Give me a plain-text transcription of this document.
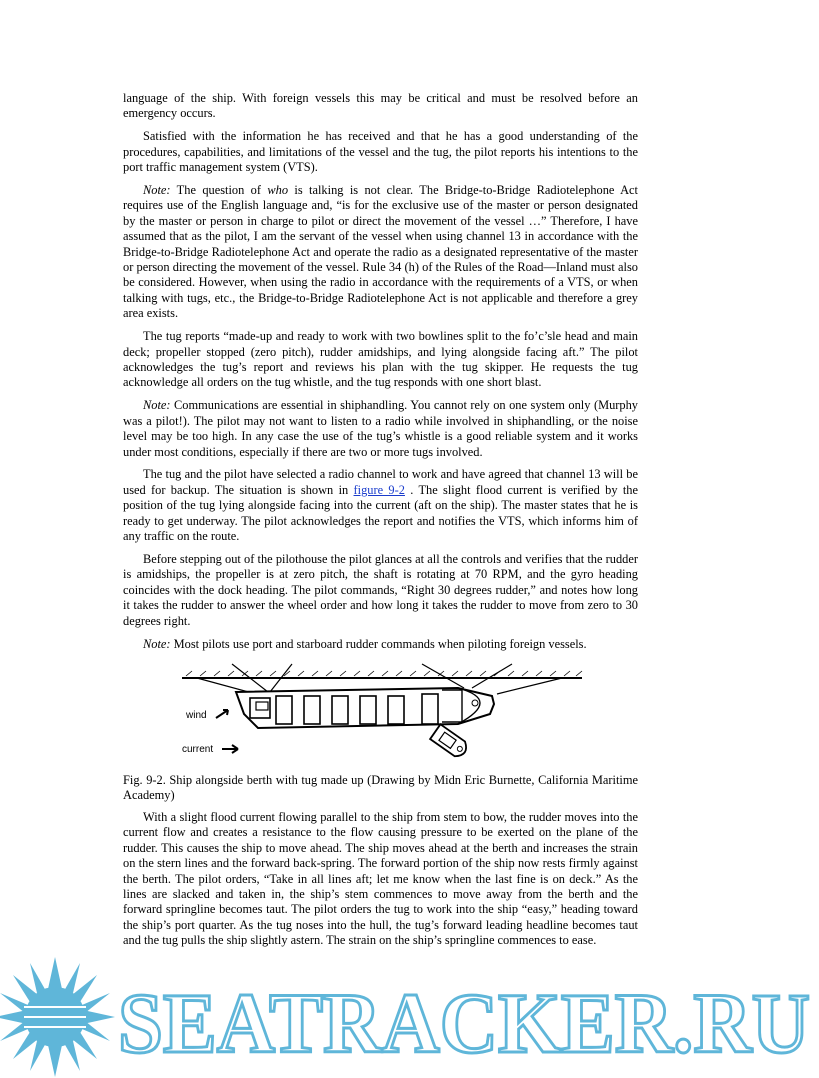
language of the ship. With foreign vessels this may be critical and must be resolved before an emergency occurs.

Satisfied with the information he has received and that he has a good understanding of the procedures, capabilities, and limitations of the vessel and the tug, the pilot reports his intentions to the port traffic management system (VTS).

Note: The question of who is talking is not clear. The Bridge-to-Bridge Radiotelephone Act requires use of the English language and, “is for the exclusive use of the master or person designated by the master or person in charge to pilot or direct the movement of the vessel …” Therefore, I have assumed that as the pilot, I am the servant of the vessel when using channel 13 in accordance with the Bridge-to-Bridge Radiotelephone Act and operate the radio as a designated representative of the master or person directing the movement of the vessel. Rule 34 (h) of the Rules of the Road—Inland must also be considered. However, when using the radio in accordance with the requirements of a VTS, or when talking with tugs, etc., the Bridge-to-Bridge Radiotelephone Act is not applicable and therefore a grey area exists.

The tug reports “made-up and ready to work with two bowlines split to the fo’c’sle head and main deck; propeller stopped (zero pitch), rudder amidships, and lying alongside facing aft.” The pilot acknowledges the tug’s report and reviews his plan with the tug skipper. He requests the tug acknowledge all orders on the tug whistle, and the tug responds with one short blast.

Note: Communications are essential in shiphandling. You cannot rely on one system only (Murphy was a pilot!). The pilot may not want to listen to a radio while involved in shiphandling, or the noise level may be too high. In any case the use of the tug’s whistle is a good reliable system and it works under most conditions, especially if there are two or more tugs involved.

The tug and the pilot have selected a radio channel to work and have agreed that channel 13 will be used for backup. The situation is shown in figure 9-2 . The slight flood current is verified by the position of the tug lying alongside facing into the current (aft on the ship). The master states that he is ready to get underway. The pilot acknowledges the report and notifies the VTS, which informs him of any traffic on the route.

Before stepping out of the pilothouse the pilot glances at all the controls and verifies that the rudder is amidships, the propeller is at zero pitch, the shaft is rotating at 70 RPM, and the gyro heading coincides with the dock heading. The pilot commands, “Right 30 degrees rudder,” and notes how long it takes the rudder to answer the wheel order and how long it takes the rudder to move from zero to 30 degrees right.

Note: Most pilots use port and starboard rudder commands when piloting foreign vessels.

wind
current
Fig. 9-2. Ship alongside berth with tug made up (Drawing by Midn Eric Burnette, California Maritime Academy)

With a slight flood current flowing parallel to the ship from stem to bow, the rudder moves into the current flow and creates a resistance to the flow causing pressure to be exerted on the plane of the rudder. This causes the ship to move ahead. The ship moves ahead at the berth and increases the strain on the stern lines and the forward back-spring. The forward portion of the ship now rests firmly against the berth. The pilot orders, “Take in all lines aft; let me know when the last fine is on deck.” As the lines are slacked and taken in, the ship’s stem commences to move away from the berth and the forward springline becomes taut. The pilot orders the tug to work into the ship “easy,” heading toward the ship’s port quarter. As the tug noses into the hull, the tug’s forward leading headline becomes taut and the tug pulls the ship slightly astern. The strain on the ship’s springline commences to ease.

SEATRACKER.RU
